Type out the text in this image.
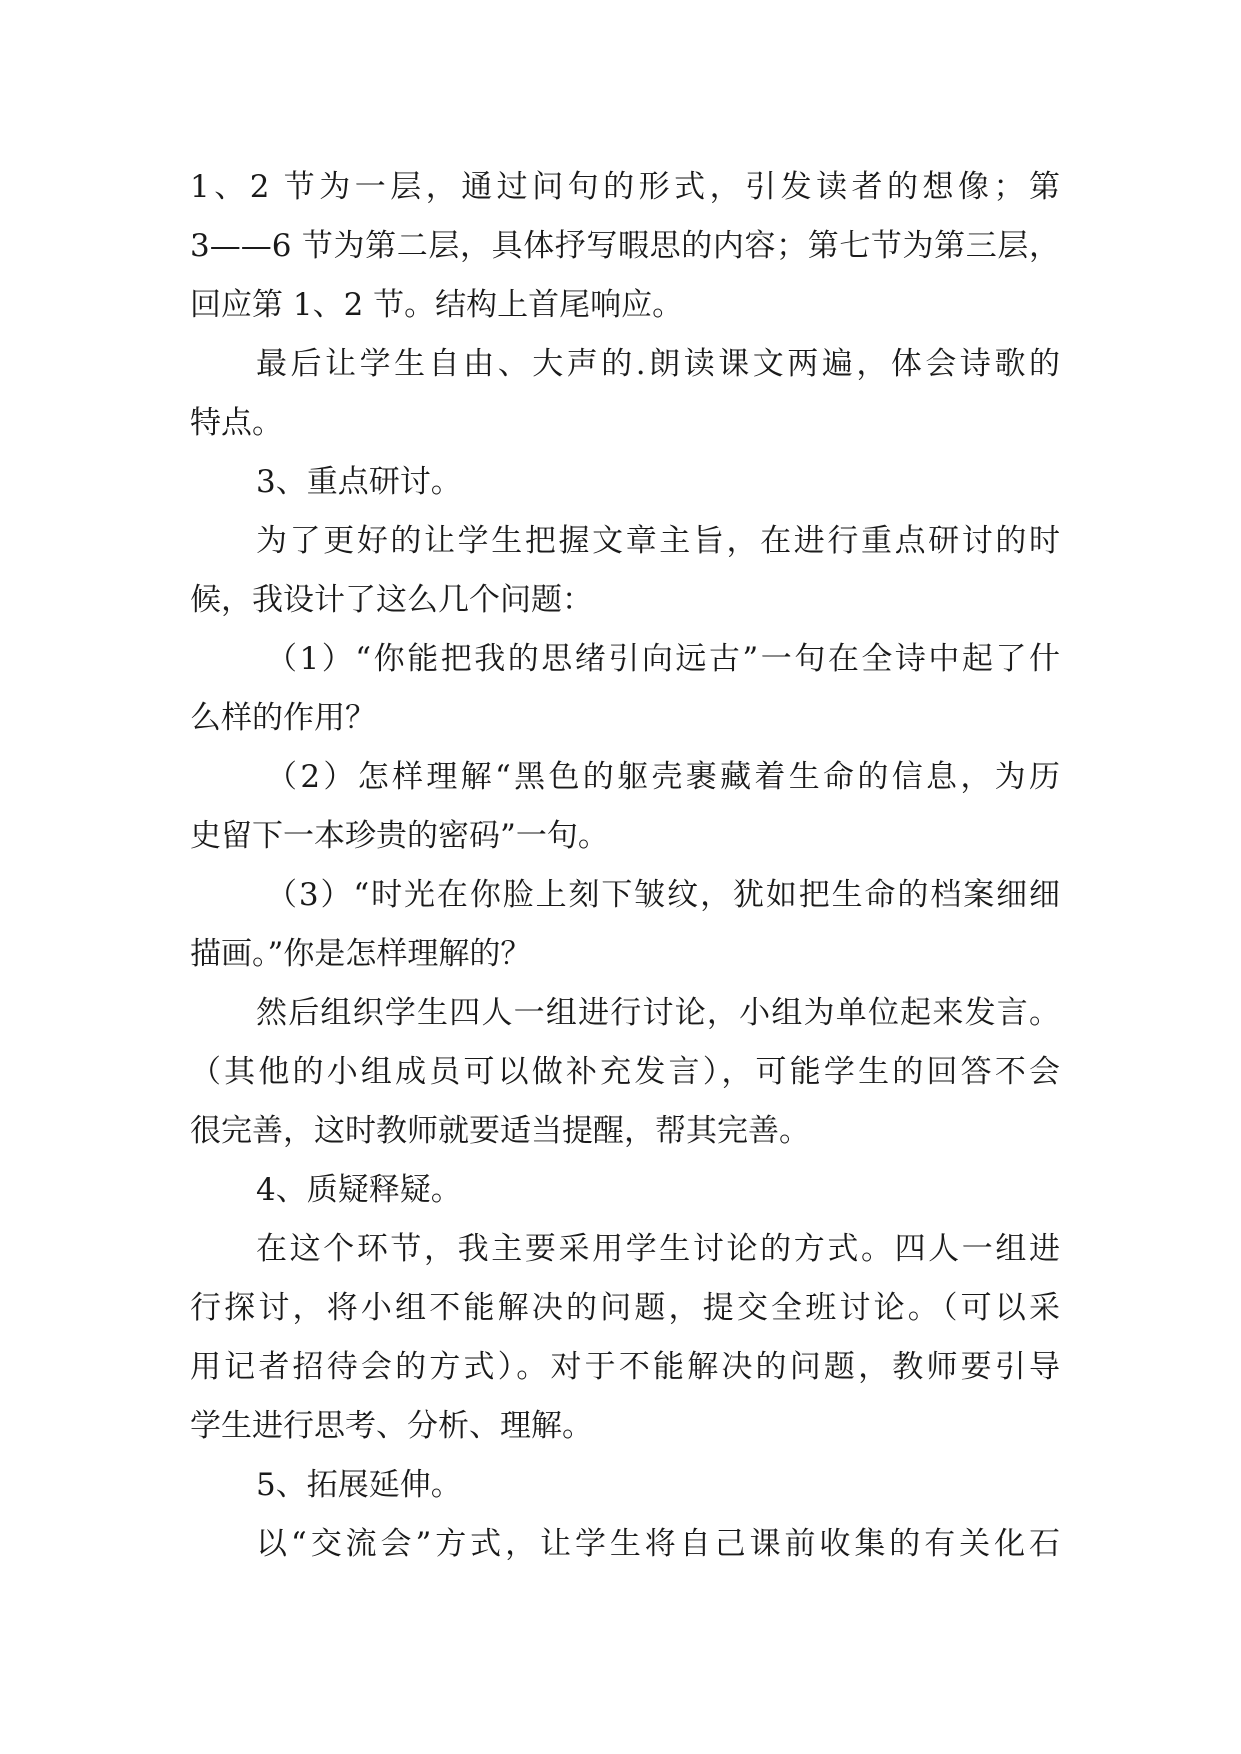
1、2 节为一层，通过问句的形式，引发读者的想像；第
3——6 节为第二层，具体抒写暇思的内容；第七节为第三层，
回应第 1、2 节。结构上首尾响应。
最后让学生自由、大声的.朗读课文两遍，体会诗歌的
特点。
3、重点研讨。
为了更好的让学生把握文章主旨，在进行重点研讨的时
候，我设计了这么几个问题：
（1）“你能把我的思绪引向远古”一句在全诗中起了什
么样的作用？
（2）怎样理解“黑色的躯壳裹藏着生命的信息，为历
史留下一本珍贵的密码”一句。
（3）“时光在你脸上刻下皱纹，犹如把生命的档案细细
描画。”你是怎样理解的？
然后组织学生四人一组进行讨论，小组为单位起来发言。
（其他的小组成员可以做补充发言），可能学生的回答不会
很完善，这时教师就要适当提醒，帮其完善。
4、质疑释疑。
在这个环节，我主要采用学生讨论的方式。四人一组进
行探讨，将小组不能解决的问题，提交全班讨论。（可以采
用记者招待会的方式）。对于不能解决的问题，教师要引导
学生进行思考、分析、理解。
5、拓展延伸。
以“交流会”方式，让学生将自己课前收集的有关化石
